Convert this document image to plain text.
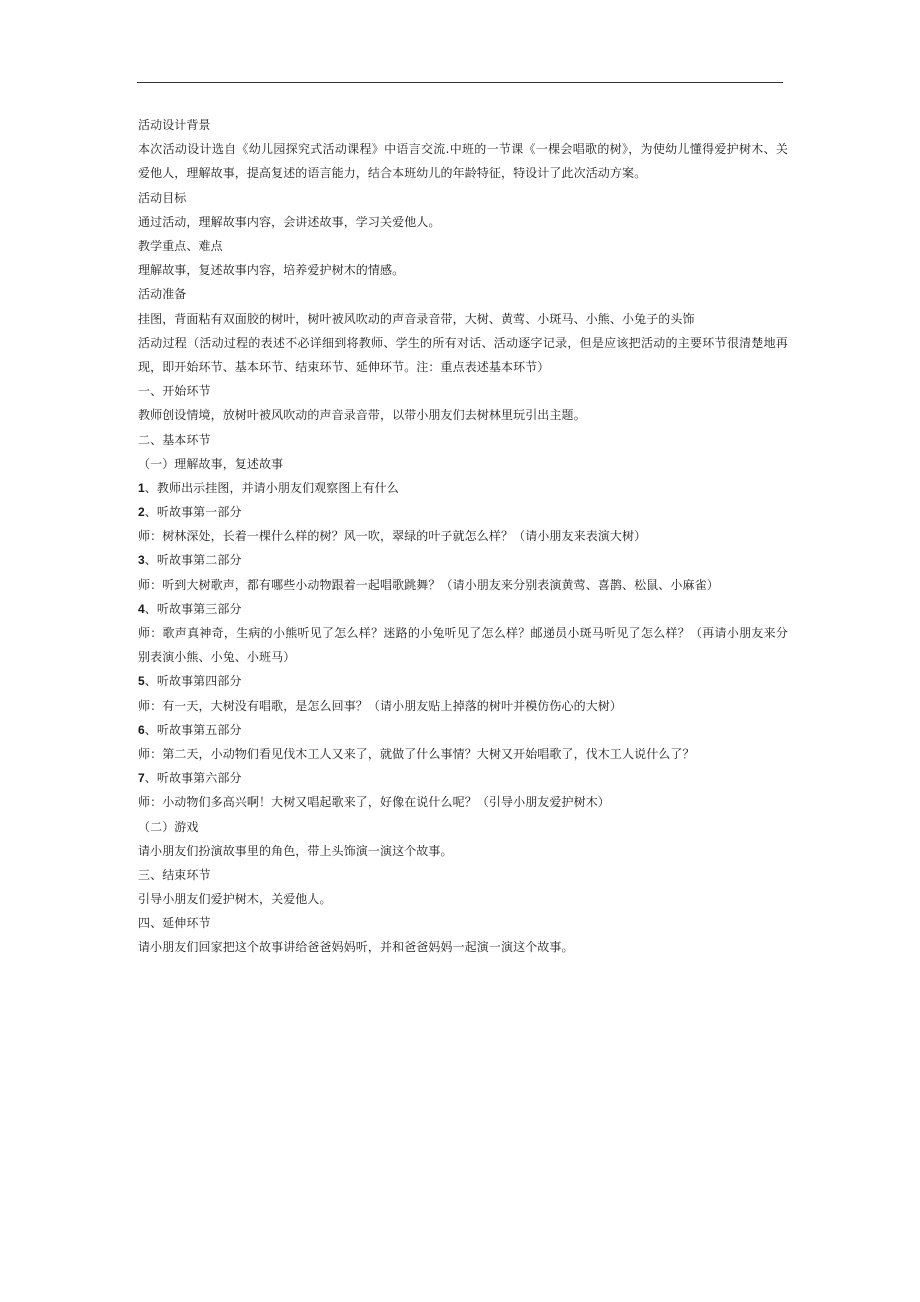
活动设计背景
本次活动设计选自《幼儿园探究式活动课程》中语言交流.中班的一节课《一棵会唱歌的树》，为使幼儿懂得爱护树木、关爱他人，理解故事，提高复述的语言能力，结合本班幼儿的年龄特征，特设计了此次活动方案。
活动目标
通过活动，理解故事内容，会讲述故事，学习关爱他人。
教学重点、难点
理解故事，复述故事内容，培养爱护树木的情感。
活动准备
挂图，背面粘有双面胶的树叶，树叶被风吹动的声音录音带，大树、黄莺、小斑马、小熊、小兔子的头饰
活动过程（活动过程的表述不必详细到将教师、学生的所有对话、活动逐字记录，但是应该把活动的主要环节很清楚地再现，即开始环节、基本环节、结束环节、延伸环节。注：重点表述基本环节）
一、开始环节
教师创设情境，放树叶被风吹动的声音录音带，以带小朋友们去树林里玩引出主题。
二、基本环节
（一）理解故事，复述故事
1、教师出示挂图，并请小朋友们观察图上有什么
2、听故事第一部分
师：树林深处，长着一棵什么样的树？风一吹，翠绿的叶子就怎么样？（请小朋友来表演大树）
3、听故事第二部分
师：听到大树歌声，都有哪些小动物跟着一起唱歌跳舞？（请小朋友来分别表演黄莺、喜鹊、松鼠、小麻雀）
4、听故事第三部分
师：歌声真神奇，生病的小熊听见了怎么样？迷路的小兔听见了怎么样？邮递员小斑马听见了怎么样？（再请小朋友来分别表演小熊、小兔、小班马）
5、听故事第四部分
师：有一天，大树没有唱歌，是怎么回事？（请小朋友贴上掉落的树叶并模仿伤心的大树）
6、听故事第五部分
师：第二天，小动物们看见伐木工人又来了，就做了什么事情？大树又开始唱歌了，伐木工人说什么了？
7、听故事第六部分
师：小动物们多高兴啊！大树又唱起歌来了，好像在说什么呢？（引导小朋友爱护树木）
（二）游戏
请小朋友们扮演故事里的角色，带上头饰演一演这个故事。
三、结束环节
引导小朋友们爱护树木，关爱他人。
四、延伸环节
请小朋友们回家把这个故事讲给爸爸妈妈听，并和爸爸妈妈一起演一演这个故事。
